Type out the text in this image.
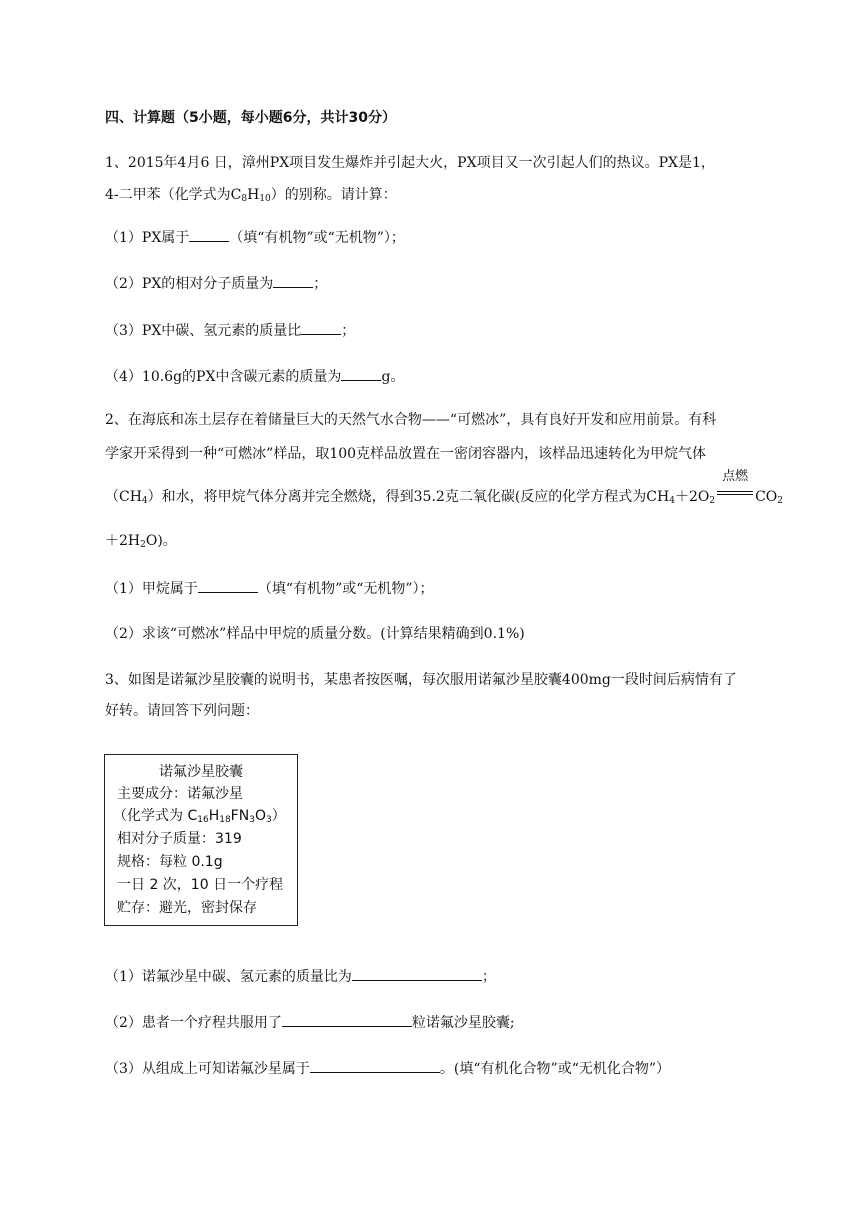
四、计算题（5小题，每小题6分，共计30分）
1、2015年4月6 日，漳州PX项目发生爆炸并引起大火，PX项目又一次引起人们的热议。PX是1，
4-二甲苯（化学式为$C_8H_{10}$）的别称。请计算：
（1）PX属于	（填“有机物”或“无机物”）；
（2）PX的相对分子质量为	；
（3）PX中碳、氢元素的质量比	；
（4）10.6g的PX中含碳元素的质量为	g。
2、在海底和冻土层存在着储量巨大的天然气水合物——“可燃冰”，具有良好开发和应用前景。有科
学家开采得到一种“可燃冰”样品，取100克样品放置在一密闭容器内，该样品迅速转化为甲烷气体
$(CH_4)$和水，将甲烷气体分离并完全燃烧，得到35.2克二氧化碳(反应的化学方程式为$CH_4+2O_2$
点燃
$CO_2$
$+2H_2O$)。
（1）甲烷属于	（填“有机物”或“无机物”）；
（2）求该“可燃冰”样品中甲烷的质量分数。(计算结果精确到0.1%)
3、如图是诺氟沙星胶囊的说明书，某患者按医嘱，每次服用诺氟沙星胶囊400mg一段时间后病情有了
好转。请回答下列问题：
诺氟沙星胶囊
主要成分：诺氟沙星
（化学式为 $C_{16}H_{18}FN_3O_3$）
相对分子质量：319
规格：每粒 0.1g
一日 2 次，10 日一个疗程
贮存：避光，密封保存
（1）诺氟沙星中碳、氢元素的质量比为	；
（2）患者一个疗程共服用了	粒诺氟沙星胶囊;
（3）从组成上可知诺氟沙星属于	。(填“有机化合物”或“无机化合物”）
